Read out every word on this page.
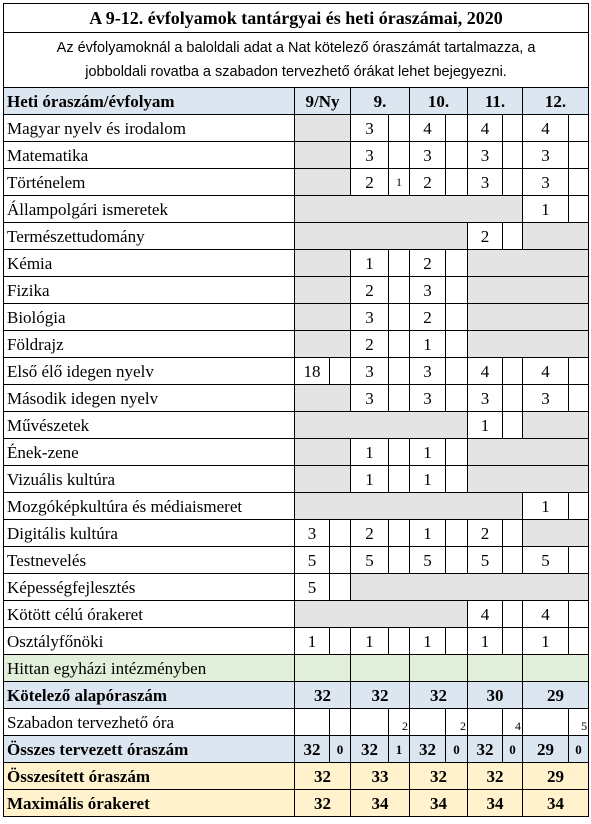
A 9-12. évfolyamok tantárgyai és heti óraszámai, 2020										

Az évfolyamoknál a baloldali adat a Nat kötelező óraszámát tartalmazza, a
jobboldali rovatba a szabadon tervezhető órákat lehet bejegyezni.										

Heti óraszám/évfolyam	9/Ny		9.		10.		11.		12.	
Magyar nyelv és irodalom			3		4		4		4	
Matematika			3		3		3		3	
Történelem			2	1	2		3		3	
Állampolgári ismeretek									1	
Természettudomány							2			
Kémia			1		2					
Fizika			2		3					
Biológia			3		2					
Földrajz			2		1					
Első élő idegen nyelv	18		3		3		4		4	
Második idegen nyelv			3		3		3		3	
Művészetek							1			
Ének-zene			1		1					
Vizuális kultúra			1		1					
Mozgóképkultúra és médiaismeret									1	
Digitális kultúra	3		2		1		2			
Testnevelés	5		5		5		5		5	
Képességfejlesztés	5									
Kötött célú órakeret							4		4	
Osztályfőnöki	1		1		1		1		1	
Hittan egyházi intézményben										
Kötelező alapóraszám	32		32		32		30		29	
Szabadon tervezhető óra				2		2		4		5
Összes tervezett óraszám	32	0	32	1	32	0	32	0	29	0
Összesített óraszám	32		33		32		32		29	
Maximális órakeret	32		34		34		34		34	
